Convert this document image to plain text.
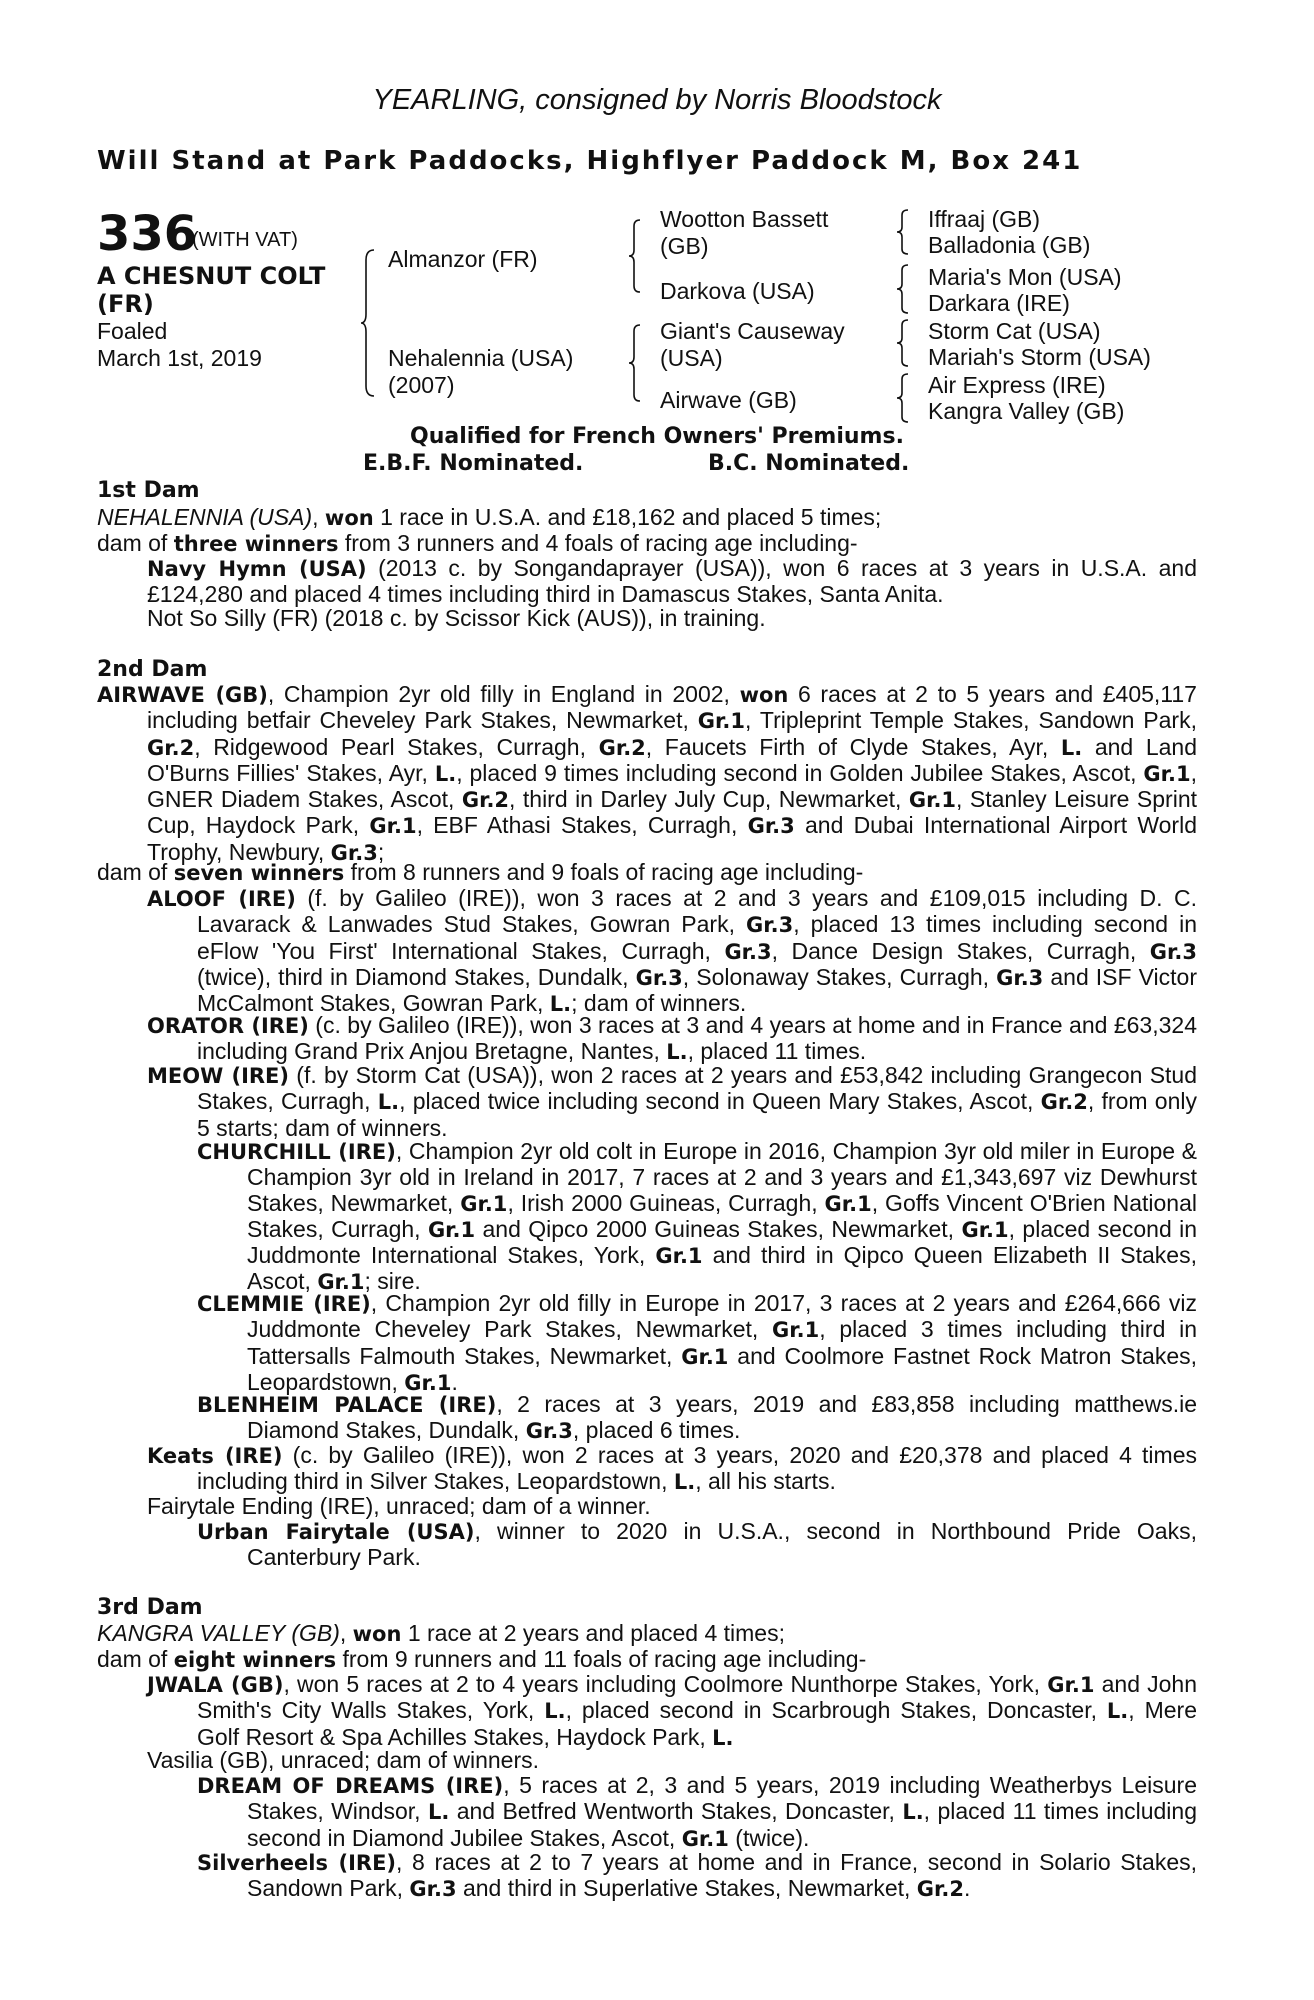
YEARLING, consigned by Norris Bloodstock
Will Stand at Park Paddocks, Highflyer Paddock M, Box 241
336
(WITH VAT)
A CHESNUT COLT (FR)
Foaled
March 1st, 2019
Almanzor (FR)
Nehalennia (USA)
(2007)
Wootton Bassett (GB)
Darkova (USA)
Giant's Causeway (USA)
Airwave (GB)
Iffraaj (GB)
Balladonia (GB)
Maria's Mon (USA)
Darkara (IRE)
Storm Cat (USA)
Mariah's Storm (USA)
Air Express (IRE)
Kangra Valley (GB)
Qualified for French Owners' Premiums.
E.B.F. Nominated.	B.C. Nominated.
1st Dam
NEHALENNIA (USA), won 1 race in U.S.A. and £18,162 and placed 5 times;
dam of three winners from 3 runners and 4 foals of racing age including-
Navy Hymn (USA) (2013 c. by Songandaprayer (USA)), won 6 races at 3 years in U.S.A. and £124,280 and placed 4 times including third in Damascus Stakes, Santa Anita.
Not So Silly (FR) (2018 c. by Scissor Kick (AUS)), in training.
2nd Dam
AIRWAVE (GB), Champion 2yr old filly in England in 2002, won 6 races at 2 to 5 years and £405,117 including betfair Cheveley Park Stakes, Newmarket, Gr.1, Tripleprint Temple Stakes, Sandown Park, Gr.2, Ridgewood Pearl Stakes, Curragh, Gr.2, Faucets Firth of Clyde Stakes, Ayr, L. and Land O'Burns Fillies' Stakes, Ayr, L., placed 9 times including second in Golden Jubilee Stakes, Ascot, Gr.1, GNER Diadem Stakes, Ascot, Gr.2, third in Darley July Cup, Newmarket, Gr.1, Stanley Leisure Sprint Cup, Haydock Park, Gr.1, EBF Athasi Stakes, Curragh, Gr.3 and Dubai International Airport World Trophy, Newbury, Gr.3;
dam of seven winners from 8 runners and 9 foals of racing age including-
ALOOF (IRE) (f. by Galileo (IRE)), won 3 races at 2 and 3 years and £109,015 including D. C. Lavarack & Lanwades Stud Stakes, Gowran Park, Gr.3, placed 13 times including second in eFlow 'You First' International Stakes, Curragh, Gr.3, Dance Design Stakes, Curragh, Gr.3 (twice), third in Diamond Stakes, Dundalk, Gr.3, Solonaway Stakes, Curragh, Gr.3 and ISF Victor McCalmont Stakes, Gowran Park, L.; dam of winners.
ORATOR (IRE) (c. by Galileo (IRE)), won 3 races at 3 and 4 years at home and in France and £63,324 including Grand Prix Anjou Bretagne, Nantes, L., placed 11 times.
MEOW (IRE) (f. by Storm Cat (USA)), won 2 races at 2 years and £53,842 including Grangecon Stud Stakes, Curragh, L., placed twice including second in Queen Mary Stakes, Ascot, Gr.2, from only 5 starts; dam of winners.
CHURCHILL (IRE), Champion 2yr old colt in Europe in 2016, Champion 3yr old miler in Europe & Champion 3yr old in Ireland in 2017, 7 races at 2 and 3 years and £1,343,697 viz Dewhurst Stakes, Newmarket, Gr.1, Irish 2000 Guineas, Curragh, Gr.1, Goffs Vincent O'Brien National Stakes, Curragh, Gr.1 and Qipco 2000 Guineas Stakes, Newmarket, Gr.1, placed second in Juddmonte International Stakes, York, Gr.1 and third in Qipco Queen Elizabeth II Stakes, Ascot, Gr.1; sire.
CLEMMIE (IRE), Champion 2yr old filly in Europe in 2017, 3 races at 2 years and £264,666 viz Juddmonte Cheveley Park Stakes, Newmarket, Gr.1, placed 3 times including third in Tattersalls Falmouth Stakes, Newmarket, Gr.1 and Coolmore Fastnet Rock Matron Stakes, Leopardstown, Gr.1.
BLENHEIM PALACE (IRE), 2 races at 3 years, 2019 and £83,858 including matthews.ie Diamond Stakes, Dundalk, Gr.3, placed 6 times.
Keats (IRE) (c. by Galileo (IRE)), won 2 races at 3 years, 2020 and £20,378 and placed 4 times including third in Silver Stakes, Leopardstown, L., all his starts.
Fairytale Ending (IRE), unraced; dam of a winner.
Urban Fairytale (USA), winner to 2020 in U.S.A., second in Northbound Pride Oaks, Canterbury Park.
3rd Dam
KANGRA VALLEY (GB), won 1 race at 2 years and placed 4 times;
dam of eight winners from 9 runners and 11 foals of racing age including-
JWALA (GB), won 5 races at 2 to 4 years including Coolmore Nunthorpe Stakes, York, Gr.1 and John Smith's City Walls Stakes, York, L., placed second in Scarbrough Stakes, Doncaster, L., Mere Golf Resort & Spa Achilles Stakes, Haydock Park, L.
Vasilia (GB), unraced; dam of winners.
DREAM OF DREAMS (IRE), 5 races at 2, 3 and 5 years, 2019 including Weatherbys Leisure Stakes, Windsor, L. and Betfred Wentworth Stakes, Doncaster, L., placed 11 times including second in Diamond Jubilee Stakes, Ascot, Gr.1 (twice).
Silverheels (IRE), 8 races at 2 to 7 years at home and in France, second in Solario Stakes, Sandown Park, Gr.3 and third in Superlative Stakes, Newmarket, Gr.2.
